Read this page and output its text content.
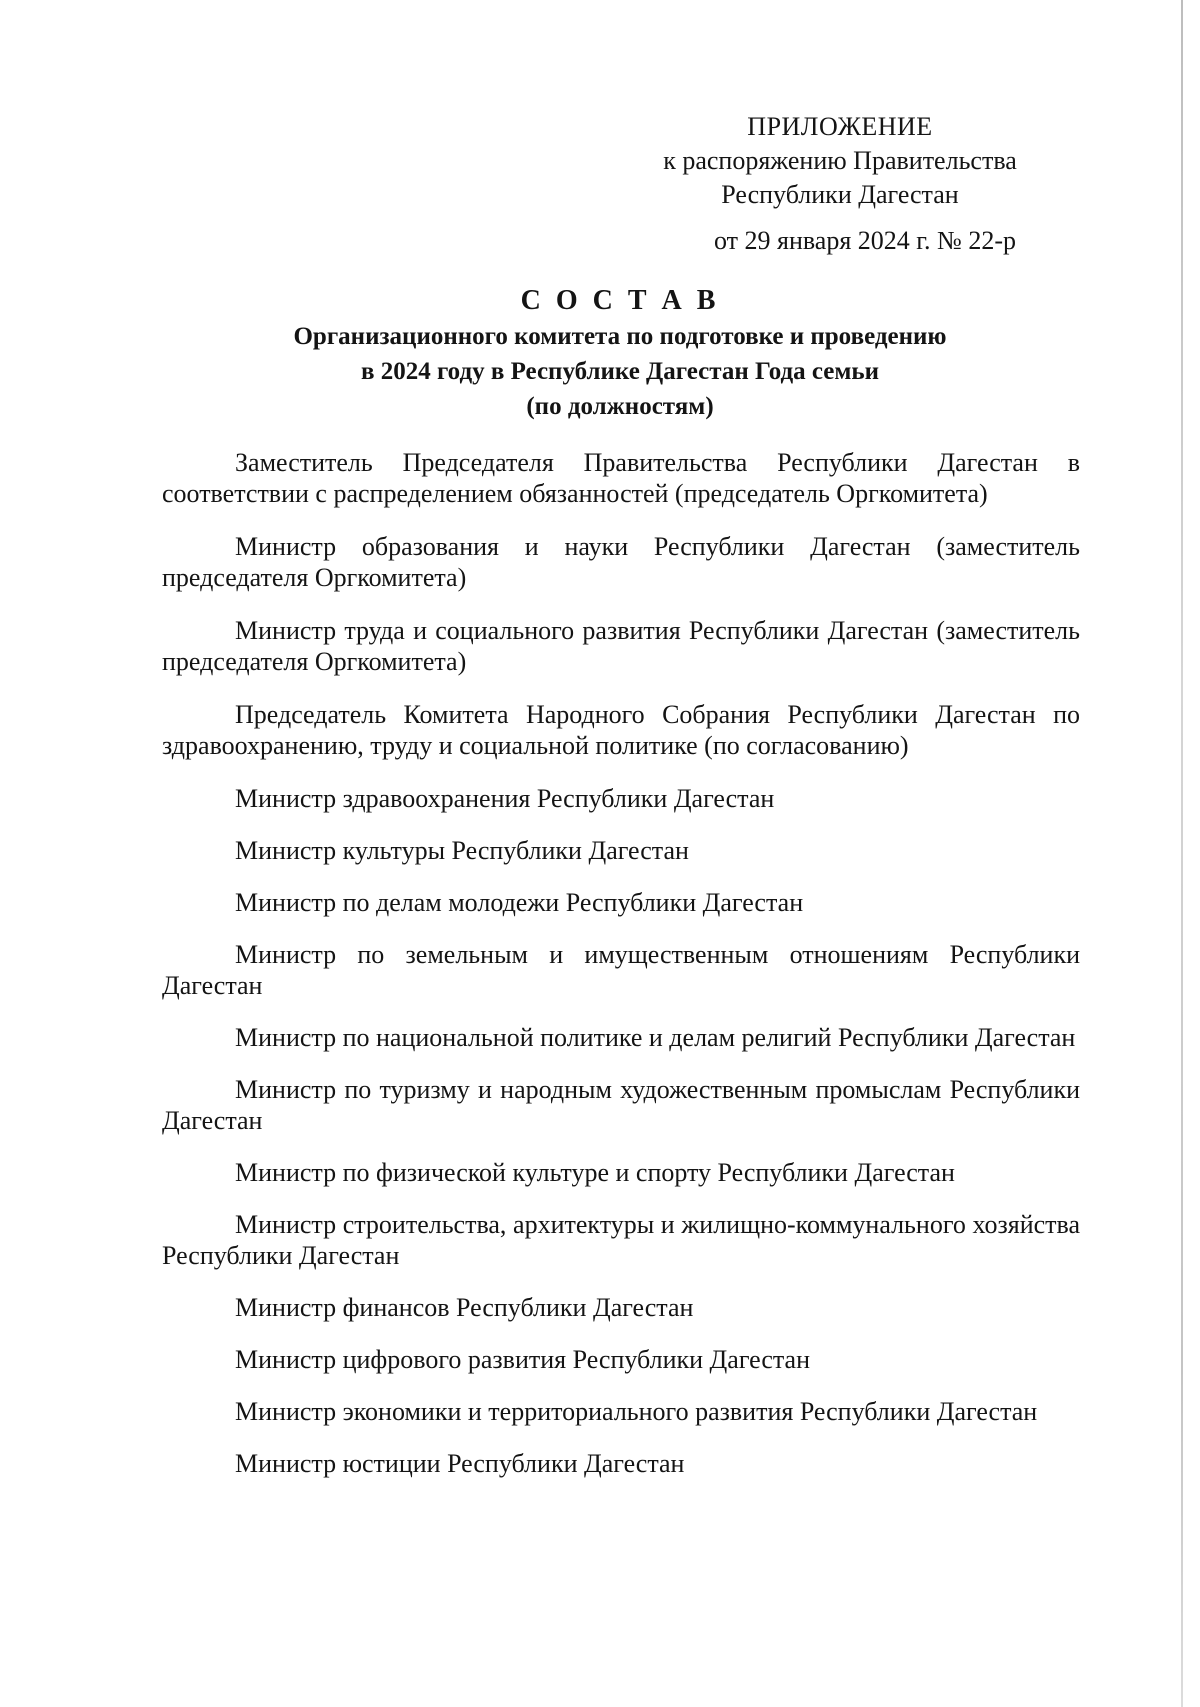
ПРИЛОЖЕНИЕ
к распоряжению Правительства
Республики Дагестан
от 29 января 2024 г. № 22-р
С О С Т А В
Организационного комитета по подготовке и проведению
в 2024 году в Республике Дагестан Года семьи
(по должностям)
Заместитель Председателя Правительства Республики Дагестан в соответствии с распределением обязанностей (председатель Оргкомитета)
Министр образования и науки Республики Дагестан (заместитель председателя Оргкомитета)
Министр труда и социального развития Республики Дагестан (заместитель председателя Оргкомитета)
Председатель Комитета Народного Собрания Республики Дагестан по здравоохранению, труду и социальной политике (по согласованию)
Министр здравоохранения Республики Дагестан
Министр культуры Республики Дагестан
Министр по делам молодежи Республики Дагестан
Министр по земельным и имущественным отношениям Республики Дагестан
Министр по национальной политике и делам религий Республики Дагестан
Министр по туризму и народным художественным промыслам Республики Дагестан
Министр по физической культуре и спорту Республики Дагестан
Министр строительства, архитектуры и жилищно-коммунального хозяйства Республики Дагестан
Министр финансов Республики Дагестан
Министр цифрового развития Республики Дагестан
Министр экономики и территориального развития Республики Дагестан
Министр юстиции Республики Дагестан
